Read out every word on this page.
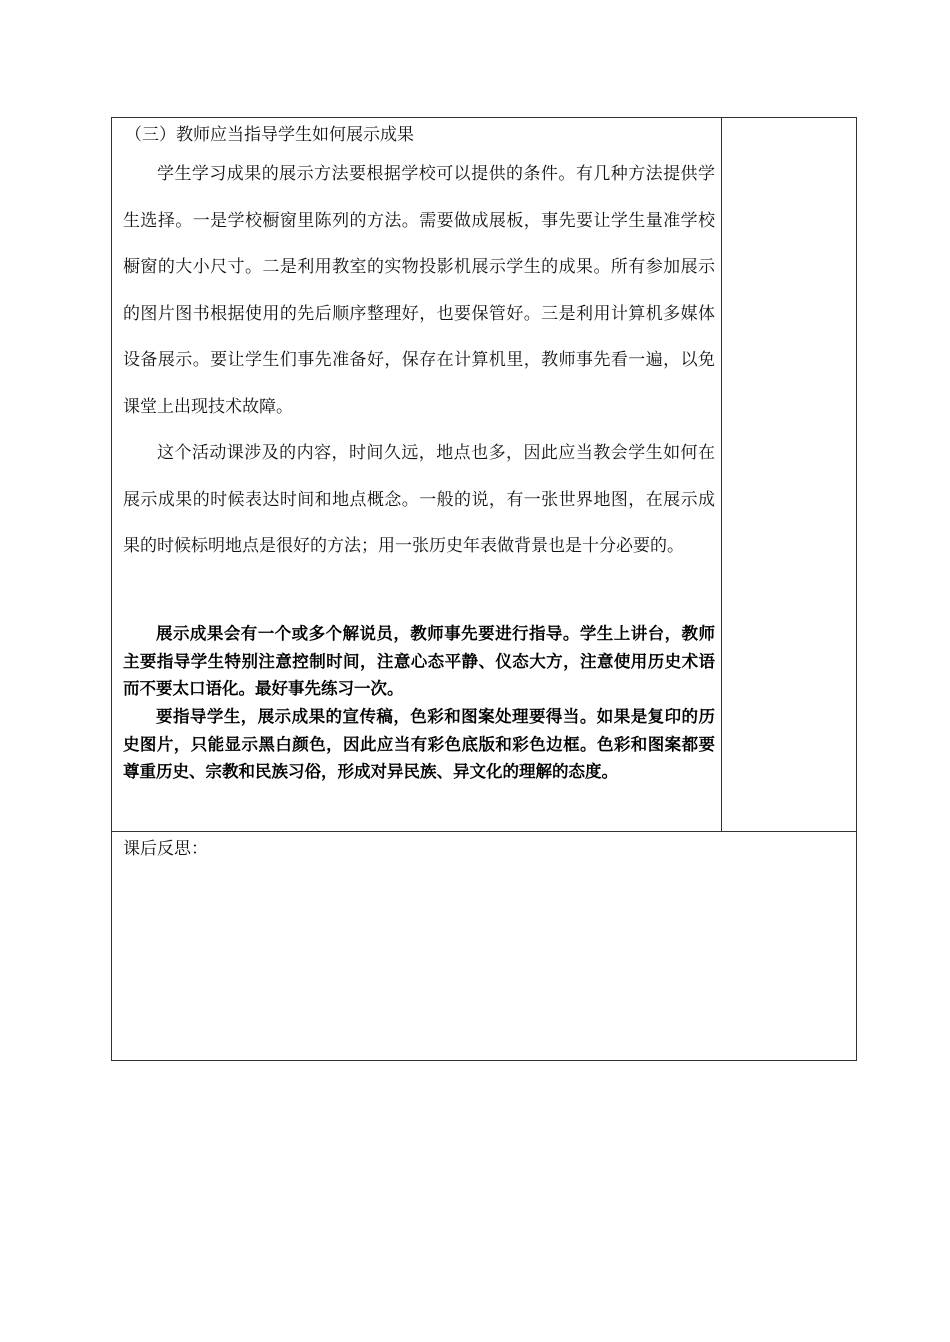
（三）教师应当指导学生如何展示成果

学生学习成果的展示方法要根据学校可以提供的条件。有几种方法提供学生选择。一是学校橱窗里陈列的方法。需要做成展板，事先要让学生量准学校橱窗的大小尺寸。二是利用教室的实物投影机展示学生的成果。所有参加展示的图片图书根据使用的先后顺序整理好，也要保管好。三是利用计算机多媒体设备展示。要让学生们事先准备好，保存在计算机里，教师事先看一遍，以免课堂上出现技术故障。

这个活动课涉及的内容，时间久远，地点也多，因此应当教会学生如何在展示成果的时候表达时间和地点概念。一般的说，有一张世界地图，在展示成果的时候标明地点是很好的方法；用一张历史年表做背景也是十分必要的。

展示成果会有一个或多个解说员，教师事先要进行指导。学生上讲台，教师主要指导学生特别注意控制时间，注意心态平静、仪态大方，注意使用历史术语而不要太口语化。最好事先练习一次。

要指导学生，展示成果的宣传稿，色彩和图案处理要得当。如果是复印的历史图片，只能显示黑白颜色，因此应当有彩色底版和彩色边框。色彩和图案都要尊重历史、宗教和民族习俗，形成对异民族、异文化的理解的态度。

课后反思：
